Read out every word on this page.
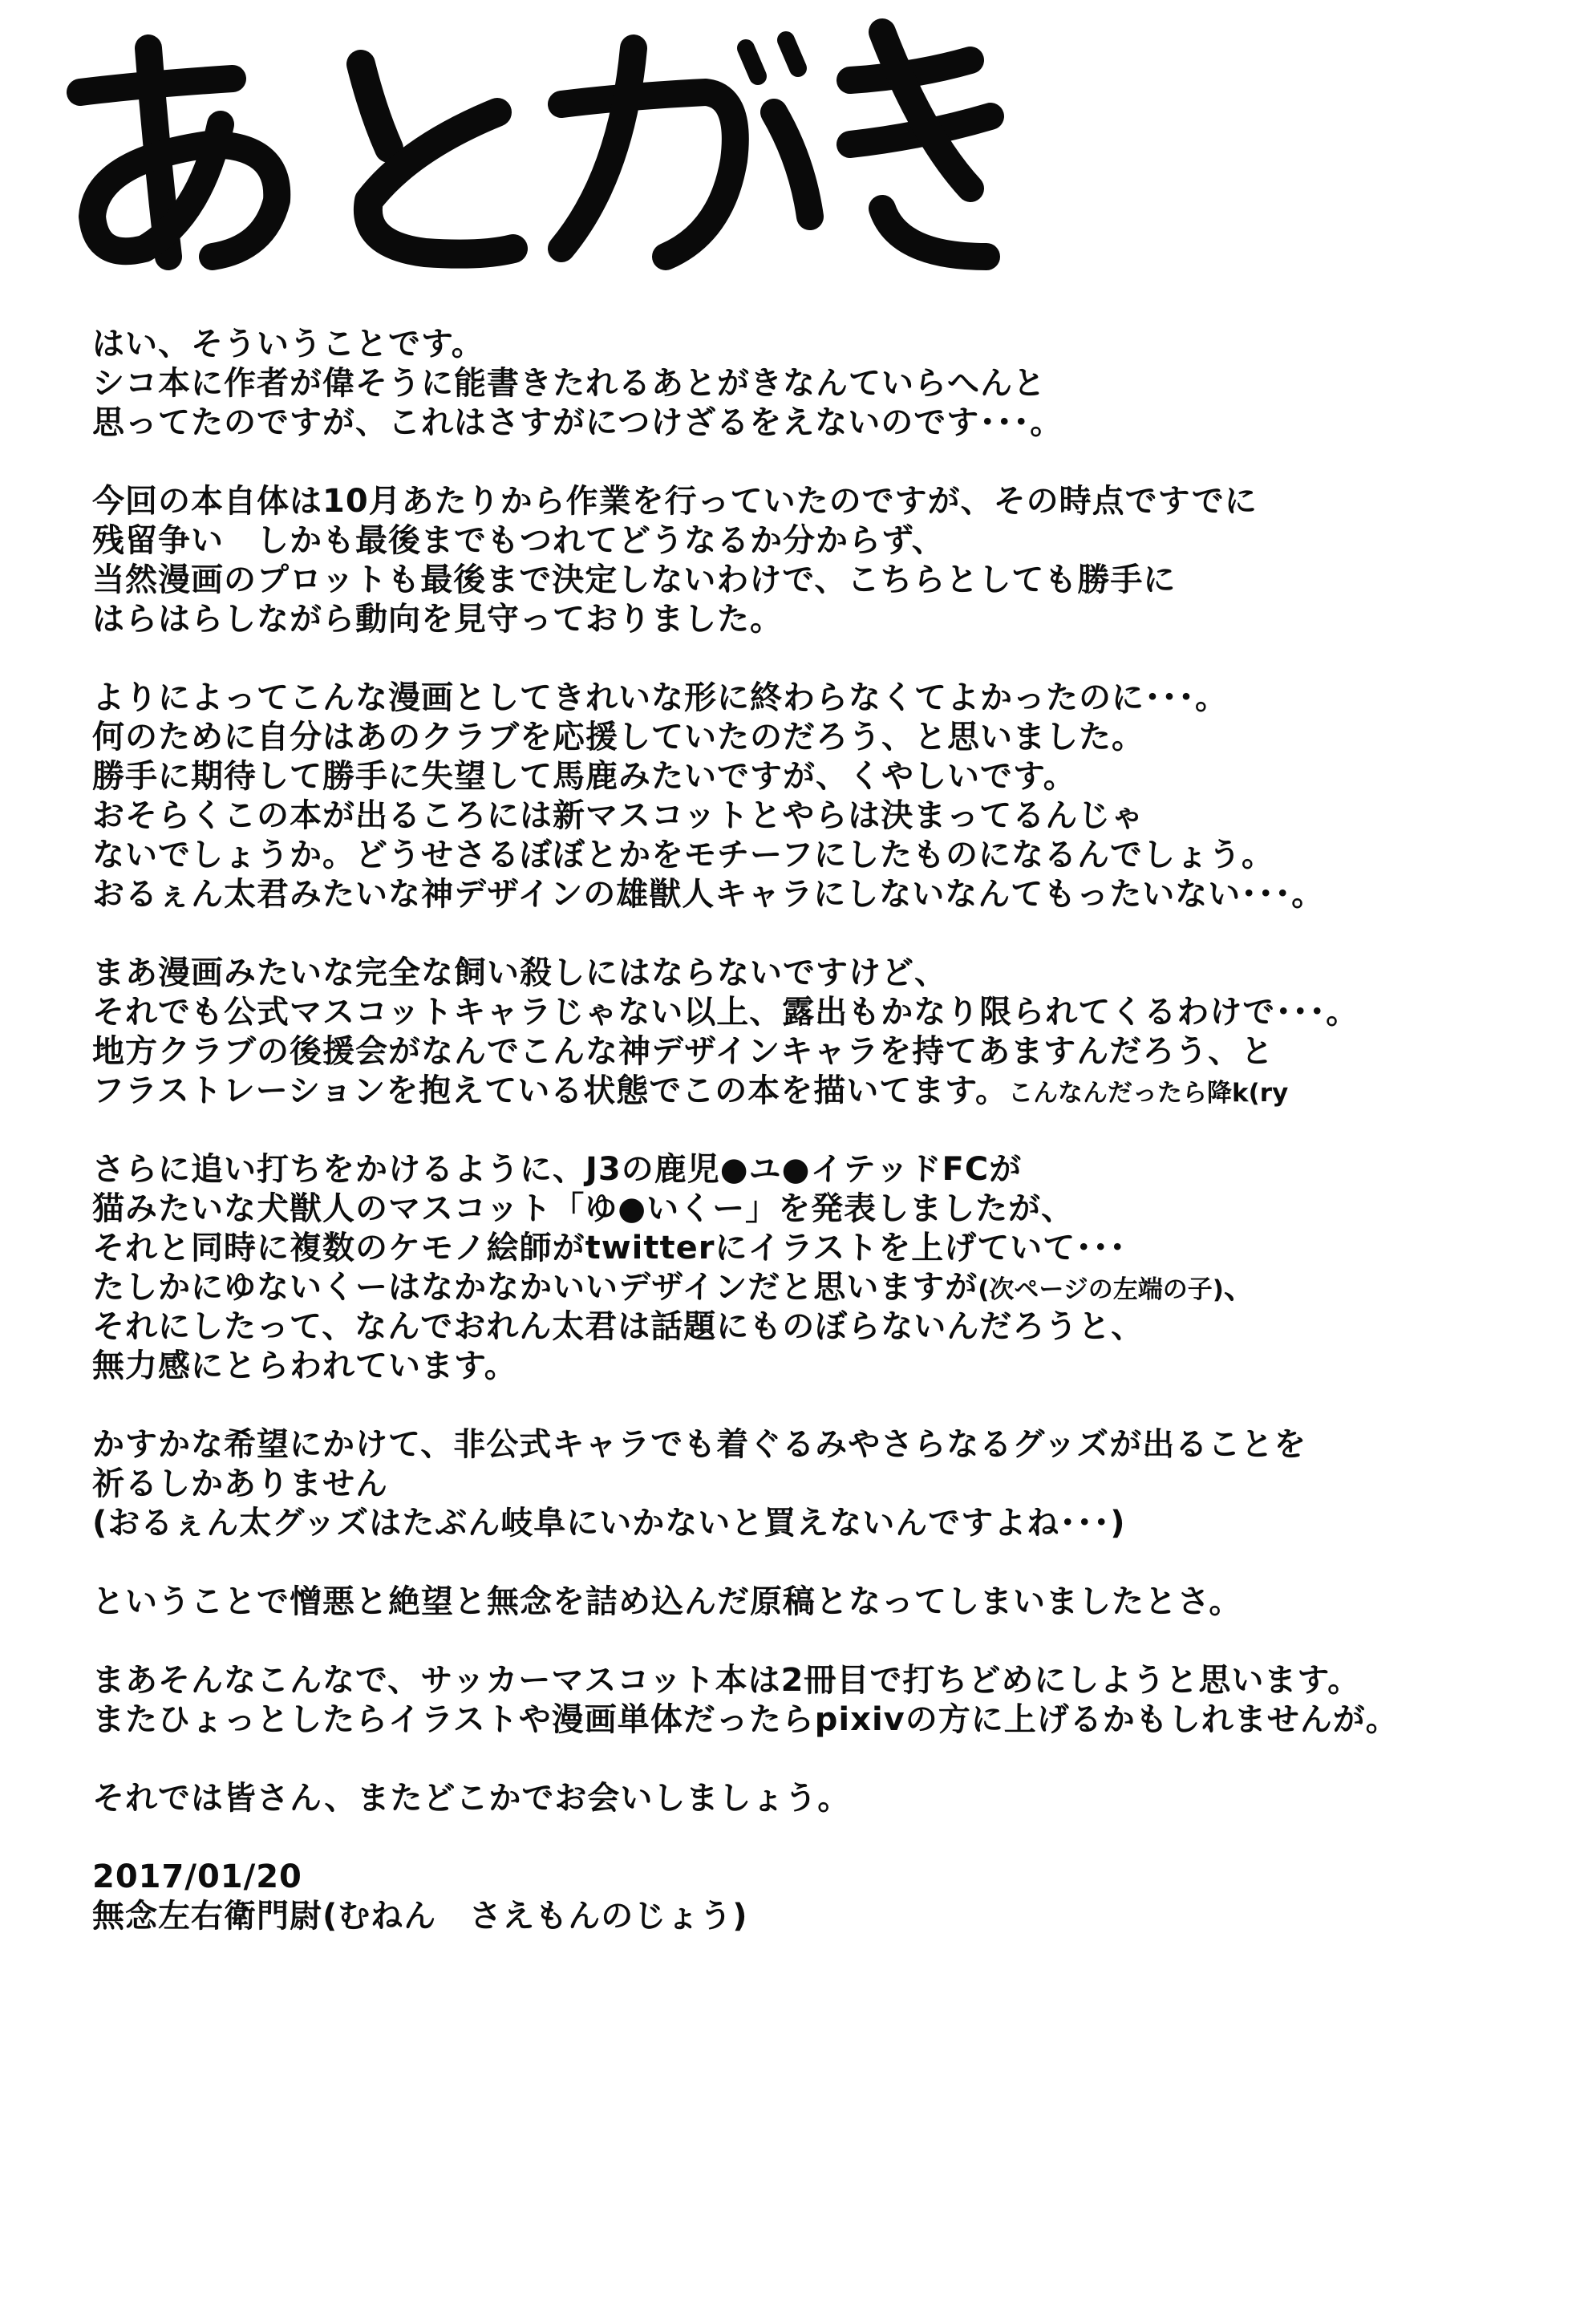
はい、そういうことです。
シコ本に作者が偉そうに能書きたれるあとがきなんていらへんと
思ってたのですが、これはさすがにつけざるをえないのです･･･。
今回の本自体は10月あたりから作業を行っていたのですが、その時点ですでに
残留争い　しかも最後までもつれてどうなるか分からず、
当然漫画のプロットも最後まで決定しないわけで、こちらとしても勝手に
はらはらしながら動向を見守っておりました。
よりによってこんな漫画としてきれいな形に終わらなくてよかったのに･･･。
何のために自分はあのクラブを応援していたのだろう、と思いました。
勝手に期待して勝手に失望して馬鹿みたいですが、くやしいです。
おそらくこの本が出るころには新マスコットとやらは決まってるんじゃ
ないでしょうか。どうせさるぼぼとかをモチーフにしたものになるんでしょう。
おるぇん太君みたいな神デザインの雄獣人キャラにしないなんてもったいない･･･。
まあ漫画みたいな完全な飼い殺しにはならないですけど、
それでも公式マスコットキャラじゃない以上、露出もかなり限られてくるわけで･･･。
地方クラブの後援会がなんでこんな神デザインキャラを持てあますんだろう、と
フラストレーションを抱えている状態でこの本を描いてます。こんなんだったら降k(ry
さらに追い打ちをかけるように、J3の鹿児●ユ●イテッドFCが
猫みたいな犬獣人のマスコット「ゆ●いくー」を発表しましたが、
それと同時に複数のケモノ絵師がtwitterにイラストを上げていて･･･
たしかにゆないくーはなかなかいいデザインだと思いますが(次ページの左端の子)、
それにしたって、なんでおれん太君は話題にものぼらないんだろうと、
無力感にとらわれています。
かすかな希望にかけて、非公式キャラでも着ぐるみやさらなるグッズが出ることを
祈るしかありません
(おるぇん太グッズはたぶん岐阜にいかないと買えないんですよね･･･)
ということで憎悪と絶望と無念を詰め込んだ原稿となってしまいましたとさ。
まあそんなこんなで、サッカーマスコット本は2冊目で打ちどめにしようと思います。
またひょっとしたらイラストや漫画単体だったらpixivの方に上げるかもしれませんが。
それでは皆さん、またどこかでお会いしましょう。
2017/01/20
無念左右衛門尉(むねん　さえもんのじょう)
